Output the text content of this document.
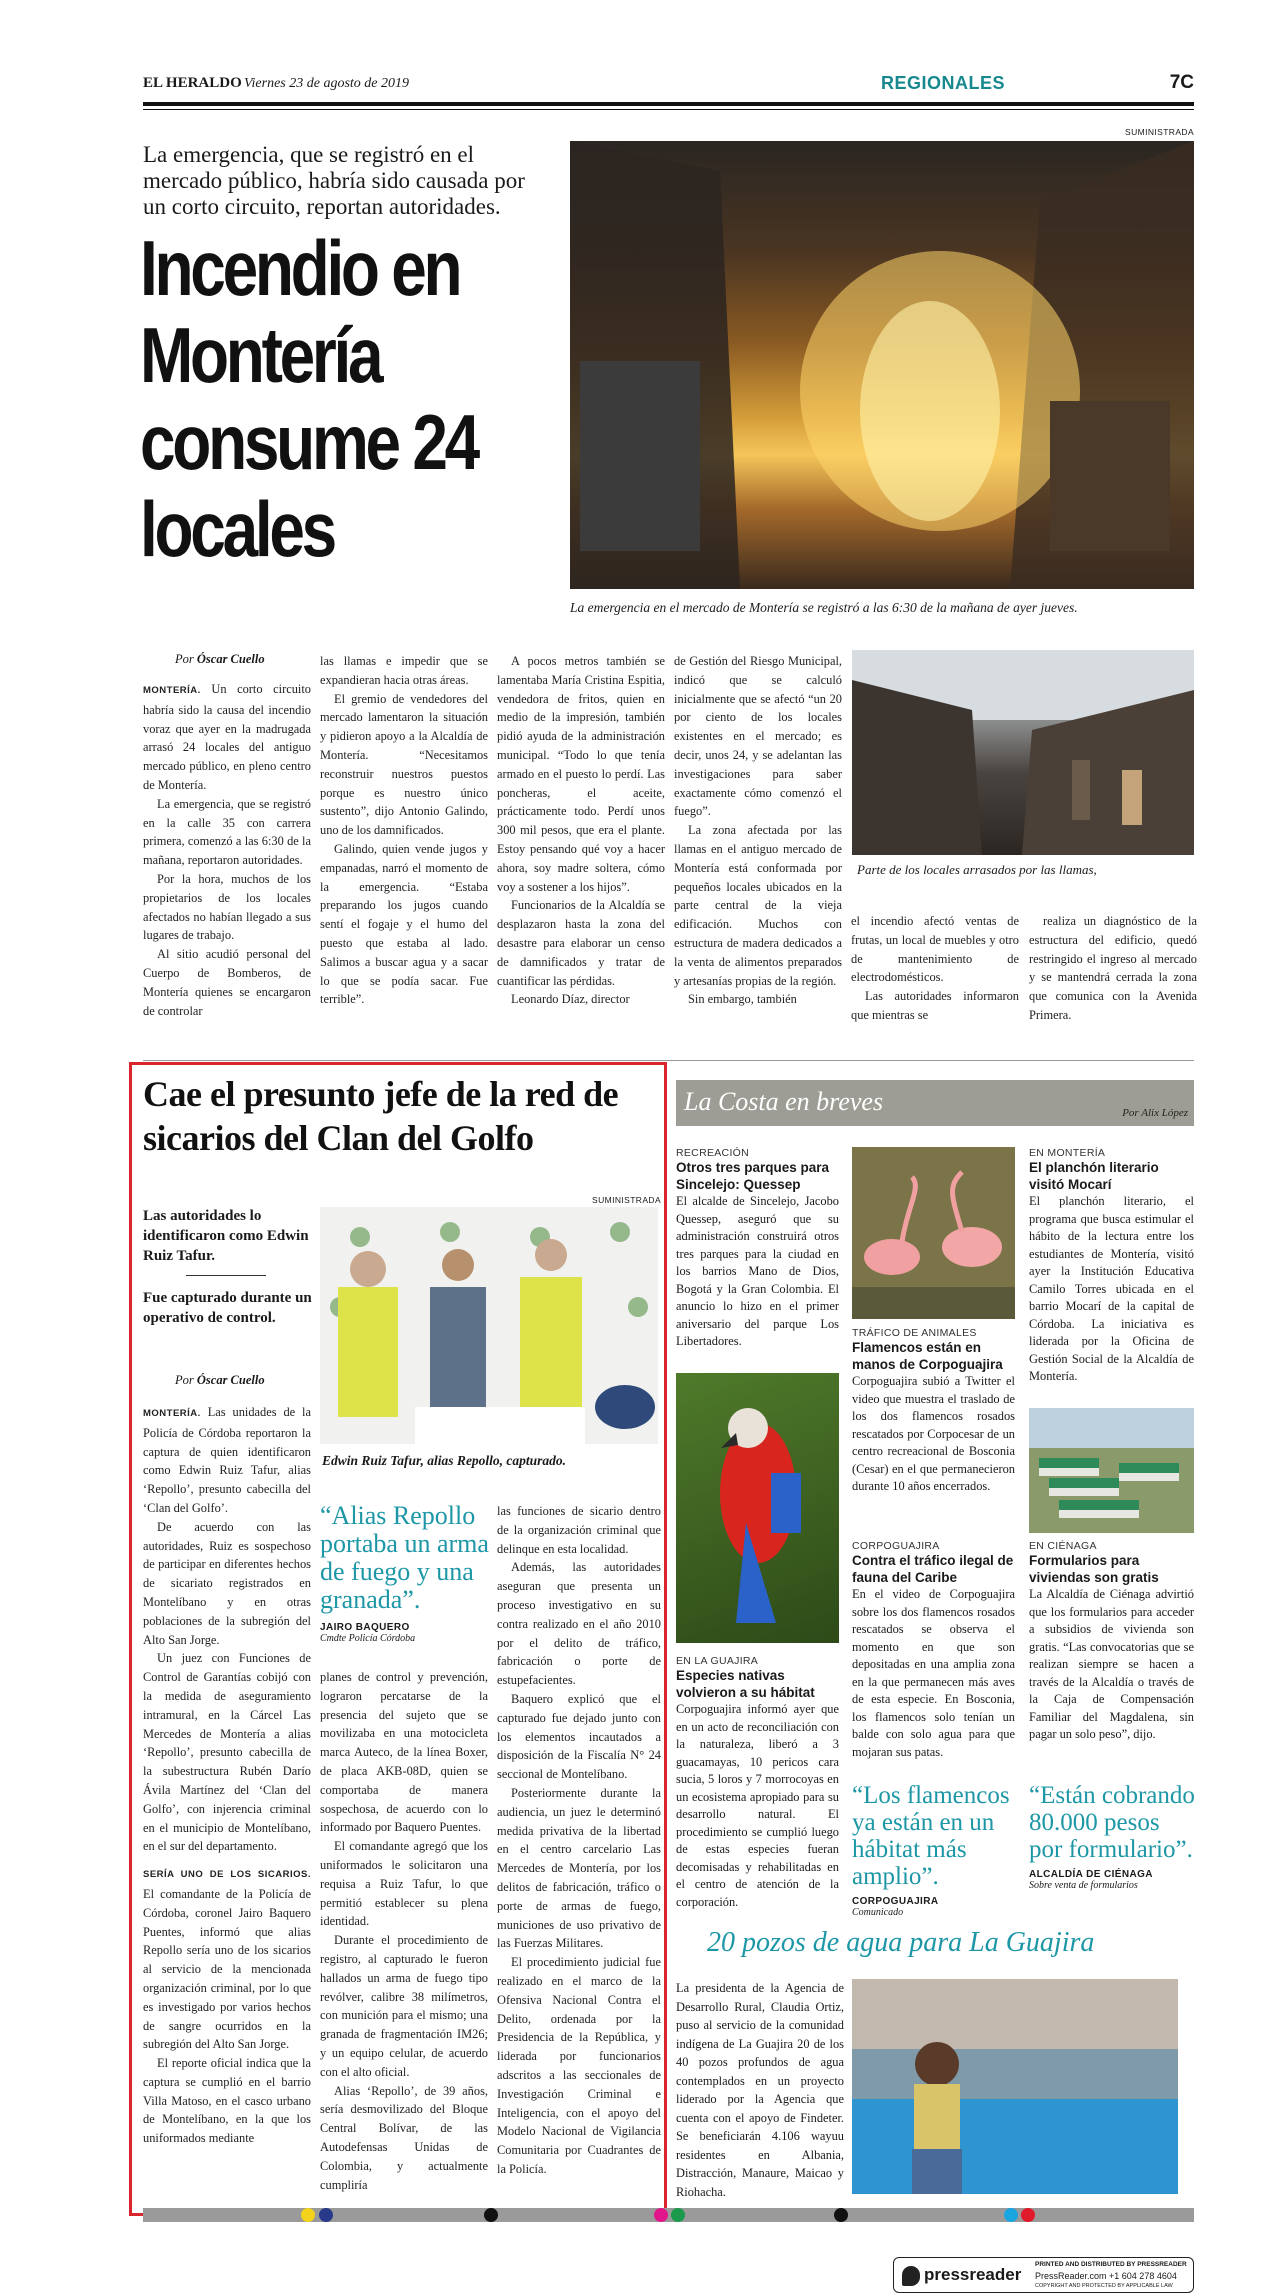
EL HERALDO Viernes 23 de agosto de 2019	REGIONALES	7C
La emergencia, que se registró en el mercado público, habría sido causada por un corto circuito, reportan autoridades.
Incendio en Montería consume 24 locales
SUMINISTRADA
La emergencia en el mercado de Montería se registró a las 6:30 de la mañana de ayer jueves.
Por Óscar Cuello

MONTERÍA. Un corto circuito habría sido la causa del incendio voraz que ayer en la madrugada arrasó 24 locales del antiguo mercado público, en pleno centro de Montería.

La emergencia, que se registró en la calle 35 con carrera primera, comenzó a las 6:30 de la mañana, reportaron autoridades.

Por la hora, muchos de los propietarios de los locales afectados no habían llegado a sus lugares de trabajo.

Al sitio acudió personal del Cuerpo de Bomberos, de Montería quienes se encargaron de controlar

las llamas e impedir que se expandieran hacia otras áreas.

El gremio de vendedores del mercado lamentaron la situación y pidieron apoyo a la Alcaldía de Montería. “Necesitamos reconstruir nuestros puestos porque es nuestro único sustento”, dijo Antonio Galindo, uno de los damnificados.

Galindo, quien vende jugos y empanadas, narró el momento de la emergencia. “Estaba preparando los jugos cuando sentí el fogaje y el humo del puesto que estaba al lado. Salimos a buscar agua y a sacar lo que se podía sacar. Fue terrible”.

A pocos metros también se lamentaba María Cristina Espitia, vendedora de fritos, quien en medio de la impresión, también pidió ayuda de la administración municipal. “Todo lo que tenía armado en el puesto lo perdí. Las poncheras, el aceite, prácticamente todo. Perdí unos 300 mil pesos, que era el plante. Estoy pensando qué voy a hacer ahora, soy madre soltera, cómo voy a sostener a los hijos”.

Funcionarios de la Alcaldía se desplazaron hasta la zona del desastre para elaborar un censo de damnificados y tratar de cuantificar las pérdidas.

Leonardo Díaz, director

de Gestión del Riesgo Municipal, indicó que se calculó inicialmente que se afectó “un 20 por ciento de los locales existentes en el mercado; es decir, unos 24, y se adelantan las investigaciones para saber exactamente cómo comenzó el fuego”.

La zona afectada por las llamas en el antiguo mercado de Montería está conformada por pequeños locales ubicados en la parte central de la vieja edificación. Muchos con estructura de madera dedicados a la venta de alimentos preparados y artesanías propias de la región.

Sin embargo, también

Parte de los locales arrasados por las llamas,

el incendio afectó ventas de frutas, un local de muebles y otro de mantenimiento de electrodomésticos.

Las autoridades informaron que mientras se

realiza un diagnóstico de la estructura del edificio, quedó restringido el ingreso al mercado y se mantendrá cerrada la zona que comunica con la Avenida Primera.

Cae el presunto jefe de la red de sicarios del Clan del Golfo
Las autoridades lo identificaron como Edwin Ruiz Tafur.
Fue capturado durante un operativo de control.
Por Óscar Cuello
SUMINISTRADA
Edwin Ruiz Tafur, alias Repollo, capturado.

MONTERÍA. Las unidades de la Policía de Córdoba reportaron la captura de quien identificaron como Edwin Ruiz Tafur, alias ‘Repollo’, presunto cabecilla del ‘Clan del Golfo’.

De acuerdo con las autoridades, Ruiz es sospechoso de participar en diferentes hechos de sicariato registrados en Montelíbano y en otras poblaciones de la subregión del Alto San Jorge.

Un juez con Funciones de Control de Garantías cobijó con la medida de aseguramiento intramural, en la Cárcel Las Mercedes de Montería a alias ‘Repollo’, presunto cabecilla de la subestructura Rubén Darío Ávila Martínez del ‘Clan del Golfo’, con injerencia criminal en el municipio de Montelíbano, en el sur del departamento.

SERÍA UNO DE LOS SICARIOS. El comandante de la Policía de Córdoba, coronel Jairo Baquero Puentes, informó que alias Repollo sería uno de los sicarios al servicio de la mencionada organización criminal, por lo que es investigado por varios hechos de sangre ocurridos en la subregión del Alto San Jorge.

El reporte oficial indica que la captura se cumplió en el barrio Villa Matoso, en el casco urbano de Montelíbano, en la que los uniformados mediante

“Alias Repollo portaba un arma de fuego y una granada”.
JAIRO BAQUERO
Cmdte Policía Córdoba

planes de control y prevención, lograron percatarse de la presencia del sujeto que se movilizaba en una motocicleta marca Auteco, de la línea Boxer, de placa AKB-08D, quien se comportaba de manera sospechosa, de acuerdo con lo informado por Baquero Puentes.

El comandante agregó que los uniformados le solicitaron una requisa a Ruiz Tafur, lo que permitió establecer su plena identidad.

Durante el procedimiento de registro, al capturado le fueron hallados un arma de fuego tipo revólver, calibre 38 milímetros, con munición para el mismo; una granada de fragmentación IM26; y un equipo celular, de acuerdo con el alto oficial.

Alias ‘Repollo’, de 39 años, sería desmovilizado del Bloque Central Bolívar, de las Autodefensas Unidas de Colombia, y actualmente cumpliría

las funciones de sicario dentro de la organización criminal que delinque en esta localidad.

Además, las autoridades aseguran que presenta un proceso investigativo en su contra realizado en el año 2010 por el delito de tráfico, fabricación o porte de estupefacientes.

Baquero explicó que el capturado fue dejado junto con los elementos incautados a disposición de la Fiscalía N° 24 seccional de Montelíbano.

Posteriormente durante la audiencia, un juez le determinó medida privativa de la libertad en el centro carcelario Las Mercedes de Montería, por los delitos de fabricación, tráfico o porte de armas de fuego, municiones de uso privativo de las Fuerzas Militares.

El procedimiento judicial fue realizado en el marco de la Ofensiva Nacional Contra el Delito, ordenada por la Presidencia de la República, y liderada por funcionarios adscritos a las seccionales de Investigación Criminal e Inteligencia, con el apoyo del Modelo Nacional de Vigilancia Comunitaria por Cuadrantes de la Policía.

La Costa en breves	Por Alix López
RECREACIÓN
Otros tres parques para Sincelejo: Quessep
El alcalde de Sincelejo, Jacobo Quessep, aseguró que su administración construirá otros tres parques para la ciudad en los barrios Mano de Dios, Bogotá y la Gran Colombia. El anuncio lo hizo en el primer aniversario del parque Los Libertadores.
EN LA GUAJIRA
Especies nativas volvieron a su hábitat
Corpoguajira informó ayer que en un acto de reconciliación con la naturaleza, liberó a 3 guacamayas, 10 pericos cara sucia, 5 loros y 7 morrocoyas en un ecosistema apropiado para su desarrollo natural. El procedimiento se cumplió luego de estas especies fueran decomisadas y rehabilitadas en el centro de atención de la corporación.
TRÁFICO DE ANIMALES
Flamencos están en manos de Corpoguajira
Corpoguajira subió a Twitter el video que muestra el traslado de los dos flamencos rosados rescatados por Corpocesar de un centro recreacional de Bosconia (Cesar) en el que permanecieron durante 10 años encerrados.
CORPOGUAJIRA
Contra el tráfico ilegal de fauna del Caribe
En el video de Corpoguajira sobre los dos flamencos rosados rescatados se observa el momento en que son depositadas en una amplia zona en la que permanecen más aves de esta especie. En Bosconia, los flamencos solo tenían un balde con solo agua para que mojaran sus patas.
“Los flamencos ya están en un hábitat más amplio”.
CORPOGUAJIRA
Comunicado
EN MONTERÍA
El planchón literario visitó Mocarí
El planchón literario, el programa que busca estimular el hábito de la lectura entre los estudiantes de Montería, visitó ayer la Institución Educativa Camilo Torres ubicada en el barrio Mocarí de la capital de Córdoba. La iniciativa es liderada por la Oficina de Gestión Social de la Alcaldía de Montería.
EN CIÉNAGA
Formularios para viviendas son gratis
La Alcaldía de Ciénaga advirtió que los formularios para acceder a subsidios de vivienda son gratis. “Las convocatorias que se realizan siempre se hacen a través de la Alcaldía o través de la Caja de Compensación Familiar del Magdalena, sin pagar un solo peso”, dijo.
“Están cobrando 80.000 pesos por formulario”.
ALCALDÍA DE CIÉNAGA
Sobre venta de formularios
20 pozos de agua para La Guajira
La presidenta de la Agencia de Desarrollo Rural, Claudia Ortiz, puso al servicio de la comunidad indígena de La Guajira 20 de los 40 pozos profundos de agua contemplados en un proyecto liderado por la Agencia que cuenta con el apoyo de Findeter. Se beneficiarán 4.106 wayuu residentes en Albania, Distracción, Manaure, Maicao y Riohacha.
pressreader
PRINTED AND DISTRIBUTED BY PRESSREADER
PressReader.com +1 604 278 4604
COPYRIGHT AND PROTECTED BY APPLICABLE LAW
